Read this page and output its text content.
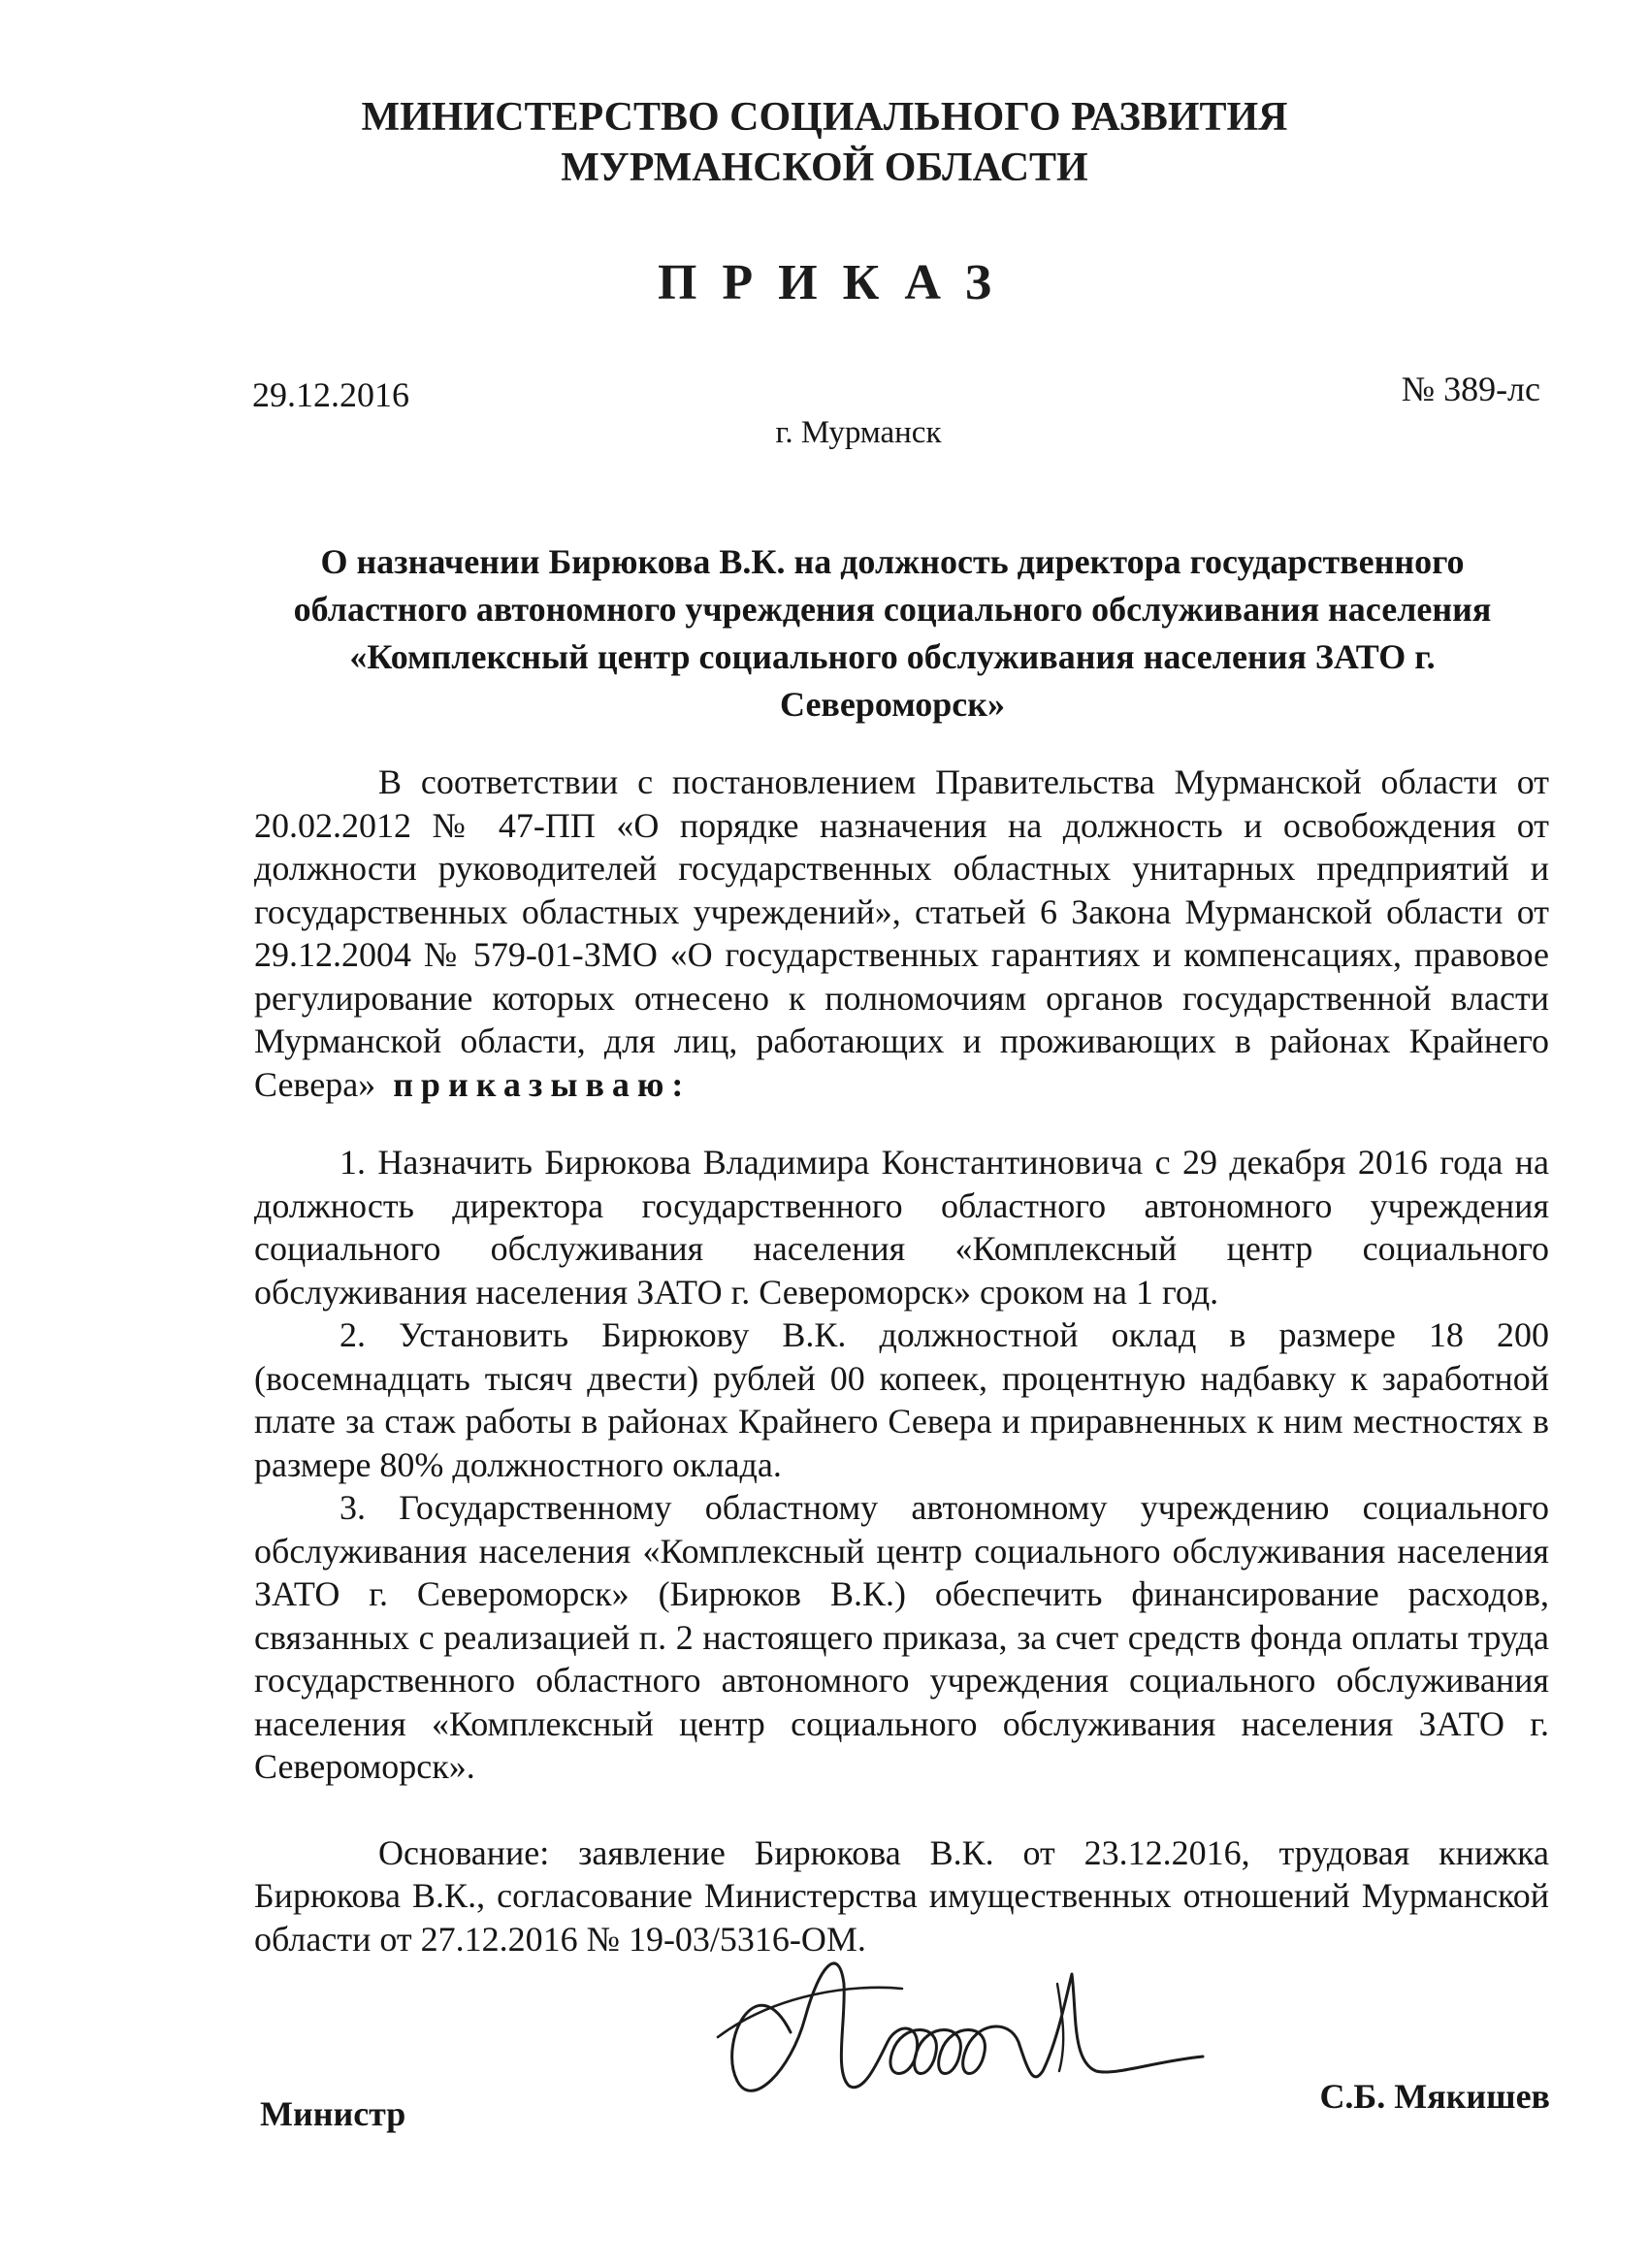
МИНИСТЕРСТВО СОЦИАЛЬНОГО РАЗВИТИЯ
МУРМАНСКОЙ ОБЛАСТИ
ПРИКАЗ
29.12.2016	№ 389-лс
г. Мурманск
О назначении Бирюкова В.К. на должность директора государственного областного автономного учреждения социального обслуживания населения «Комплексный центр социального обслуживания населения ЗАТО г. Североморск»

В соответствии с постановлением Правительства Мурманской области от 20.02.2012 № 47-ПП «О порядке назначения на должность и освобождения от должности руководителей государственных областных унитарных предприятий и государственных областных учреждений», статьей 6 Закона Мурманской области от 29.12.2004 № 579-01-ЗМО «О государственных гарантиях и компенсациях, правовое регулирование которых отнесено к полномочиям органов государственной власти Мурманской области, для лиц, работающих и проживающих в районах Крайнего Севера» приказываю:

1. Назначить Бирюкова Владимира Константиновича с 29 декабря 2016 года на должность директора государственного областного автономного учреждения социального обслуживания населения «Комплексный центр социального обслуживания населения ЗАТО г. Североморск» сроком на 1 год.

2. Установить Бирюкову В.К. должностной оклад в размере 18 200 (восемнадцать тысяч двести) рублей 00 копеек, процентную надбавку к заработной плате за стаж работы в районах Крайнего Севера и приравненных к ним местностях в размере 80% должностного оклада.

3. Государственному областному автономному учреждению социального обслуживания населения «Комплексный центр социального обслуживания населения ЗАТО г. Североморск» (Бирюков В.К.) обеспечить финансирование расходов, связанных с реализацией п. 2 настоящего приказа, за счет средств фонда оплаты труда государственного областного автономного учреждения социального обслуживания населения «Комплексный центр социального обслуживания населения ЗАТО г. Североморск».

Основание: заявление Бирюкова В.К. от 23.12.2016, трудовая книжка Бирюкова В.К., согласование Министерства имущественных отношений Мурманской области от 27.12.2016 № 19-03/5316-ОМ.

Министр	С.Б. Мякишев
